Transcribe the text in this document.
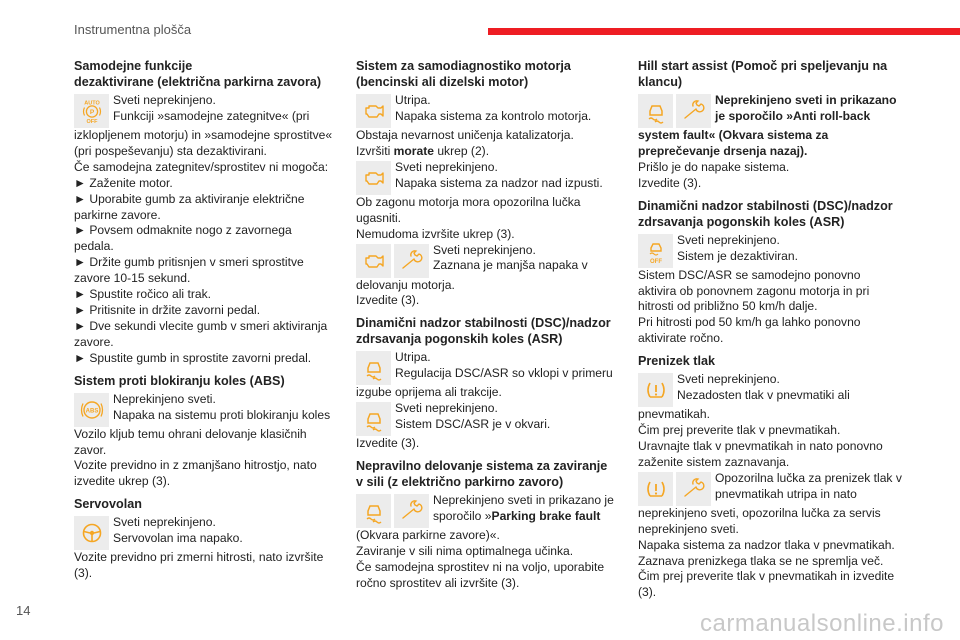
Instrumentna plošča
Samodejne funkcije
dezaktivirane (električna parkirna zavora)
AUTO
P
OFF
Sveti neprekinjeno.
Funkciji »samodejne zategnitve« (pri

izklopljenem motorju) in »samodejne sprostitve«

(pri pospeševanju) sta dezaktivirani.

Če samodejna zategnitev/sprostitev ni mogoča:

► Zaženite motor.

► Uporabite gumb za aktiviranje električne

parkirne zavore.

► Povsem odmaknite nogo z zavornega

pedala.

► Držite gumb pritisnjen v smeri sprostitve

zavore 10-15 sekund.

► Spustite ročico ali trak.

► Pritisnite in držite zavorni pedal.

► Dve sekundi vlecite gumb v smeri aktiviranja

zavore.

► Spustite gumb in sprostite zavorni predal.

Sistem proti blokiranju koles (ABS)
ABS
Neprekinjeno sveti.
Napaka na sistemu proti blokiranju koles

Vozilo kljub temu ohrani delovanje klasičnih

zavor.

Vozite previdno in z zmanjšano hitrostjo, nato

izvedite ukrep (3).

Servovolan
Sveti neprekinjeno.
Servovolan ima napako.

Vozite previdno pri zmerni hitrosti, nato izvršite

(3).

Sistem za samodiagnostiko motorja
(bencinski ali dizelski motor)
Utripa.
Napaka sistema za kontrolo motorja.

Obstaja nevarnost uničenja katalizatorja.

Izvršiti morate ukrep (2).

Sveti neprekinjeno.
Napaka sistema za nadzor nad izpusti.

Ob zagonu motorja mora opozorilna lučka

ugasniti.

Nemudoma izvršite ukrep (3).

Sveti neprekinjeno.
Zaznana je manjša napaka v

delovanju motorja.

Izvedite (3).

Dinamični nadzor stabilnosti (DSC)/nadzor
zdrsavanja pogonskih koles (ASR)
Utripa.
Regulacija DSC/ASR so vklopi v primeru

izgube oprijema ali trakcije.

Sveti neprekinjeno.
Sistem DSC/ASR je v okvari.

Izvedite (3).

Nepravilno delovanje sistema za zaviranje
v sili (z električno parkirno zavoro)
Neprekinjeno sveti in prikazano je
sporočilo »Parking brake fault

(Okvara parkirne zavore)«.

Zaviranje v sili nima optimalnega učinka.

Če samodejna sprostitev ni na voljo, uporabite

ročno sprostitev ali izvršite (3).

Hill start assist (Pomoč pri speljevanju na
klancu)
Neprekinjeno sveti in prikazano
je sporočilo »Anti roll-back

system fault« (Okvara sistema za

preprečevanje drsenja nazaj).

Prišlo je do napake sistema.

Izvedite (3).

Dinamični nadzor stabilnosti (DSC)/nadzor
zdrsavanja pogonskih koles (ASR)
OFF
Sveti neprekinjeno.
Sistem je dezaktiviran.

Sistem DSC/ASR se samodejno ponovno

aktivira ob ponovnem zagonu motorja in pri

hitrosti od približno 50 km/h dalje.

Pri hitrosti pod 50 km/h ga lahko ponovno

aktivirate ročno.

Prenizek tlak
Sveti neprekinjeno.
Nezadosten tlak v pnevmatiki ali

pnevmatikah.

Čim prej preverite tlak v pnevmatikah.

Uravnajte tlak v pnevmatikah in nato ponovno

zaženite sistem zaznavanja.

Opozorilna lučka za prenizek tlak v
pnevmatikah utripa in nato

neprekinjeno sveti, opozorilna lučka za servis

neprekinjeno sveti.

Napaka sistema za nadzor tlaka v pnevmatikah.

Zaznava prenizkega tlaka se ne spremlja več.

Čim prej preverite tlak v pnevmatikah in izvedite

(3).

14	carmanualsonline.info
